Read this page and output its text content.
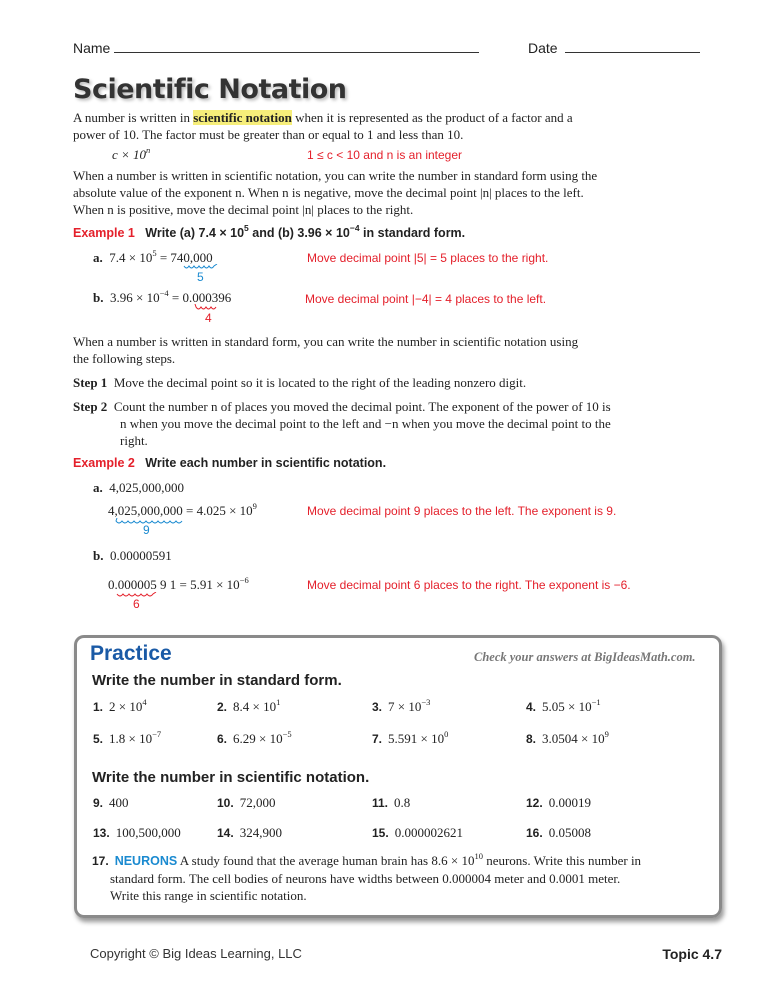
Name	Date
Scientific Notation
A number is written in scientific notation when it is represented as the product of a factor and a power of 10. The factor must be greater than or equal to 1 and less than 10.
$c \times 10^n$	1 ≤ c < 10 and n is an integer
When a number is written in scientific notation, you can write the number in standard form using the absolute value of the exponent n. When n is negative, move the decimal point |n| places to the left. When n is positive, move the decimal point |n| places to the right.
Example 1 Write (a) $7.4 \times 10^5$ and (b) $3.96 \times 10^{-4}$ in standard form.
a. $7.4 \times 10^5 = 740,000$
5
Move decimal point |5| = 5 places to the right.
b. $3.96 \times 10^{-4} = 0.000396$
4
Move decimal point |−4| = 4 places to the left.
When a number is written in standard form, you can write the number in scientific notation using the following steps.
Step 1 Move the decimal point so it is located to the right of the leading nonzero digit.
Step 2 Count the number n of places you moved the decimal point. The exponent of the power of 10 is n when you move the decimal point to the left and −n when you move the decimal point to the right.
Example 2 Write each number in scientific notation.
a. 4,025,000,000
$4,025,000,000 = 4.025 \times 10^9$
9
Move decimal point 9 places to the left. The exponent is 9.
b. 0.00000591
0.000005 9 $1 = 5.91 \times 10^{-6}$
6
Move decimal point 6 places to the right. The exponent is −6.
Practice	Check your answers at BigIdeasMath.com.
Write the number in standard form.
1. $2 \times 10^4$	2. $8.4 \times 10^1$	3. $7 \times 10^{-3}$	4. $5.05 \times 10^{-1}$
5. $1.8 \times 10^{-7}$	6. $6.29 \times 10^{-5}$	7. $5.591 \times 10^0$	8. $3.0504 \times 10^9$
Write the number in scientific notation.
9. 400	10. 72,000	11. 0.8	12. 0.00019
13. 100,500,000	14. 324,900	15. 0.000002621	16. 0.05008
17. NEURONS A study found that the average human brain has $8.6 \times 10^{10}$ neurons. Write this number in standard form. The cell bodies of neurons have widths between 0.000004 meter and 0.0001 meter. Write this range in scientific notation.
Copyright © Big Ideas Learning, LLC	Topic 4.7
